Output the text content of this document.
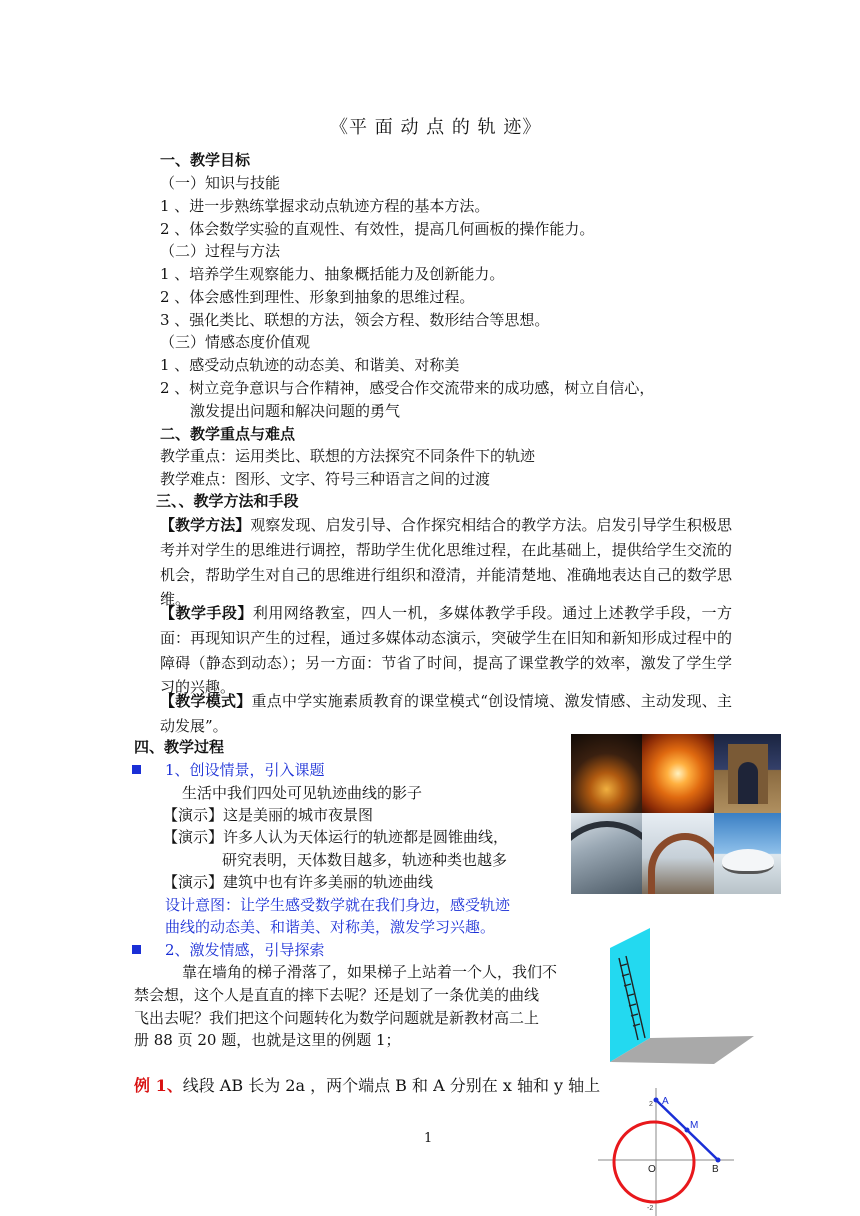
《平 面 动 点 的 轨 迹》
一、教学目标
（一）知识与技能
1 、进一步熟练掌握求动点轨迹方程的基本方法。
2 、体会数学实验的直观性、有效性，提高几何画板的操作能力。
（二）过程与方法
1 、培养学生观察能力、抽象概括能力及创新能力。
2 、体会感性到理性、形象到抽象的思维过程。
3 、强化类比、联想的方法，领会方程、数形结合等思想。
（三）情感态度价值观
1 、感受动点轨迹的动态美、和谐美、对称美
2 、树立竞争意识与合作精神，感受合作交流带来的成功感，树立自信心，
激发提出问题和解决问题的勇气
二、教学重点与难点
教学重点：运用类比、联想的方法探究不同条件下的轨迹
教学难点：图形、文字、符号三种语言之间的过渡
三、、教学方法和手段
【教学方法】观察发现、启发引导、合作探究相结合的教学方法。启发引导学生积极思考并对学生的思维进行调控，帮助学生优化思维过程，在此基础上，提供给学生交流的机会，帮助学生对自己的思维进行组织和澄清，并能清楚地、准确地表达自己的数学思维。
【教学手段】利用网络教室，四人一机，多媒体教学手段。通过上述教学手段，一方面：再现知识产生的过程，通过多媒体动态演示，突破学生在旧知和新知形成过程中的障碍（静态到动态）；另一方面：节省了时间，提高了课堂教学的效率，激发了学生学习的兴趣。
【教学模式】重点中学实施素质教育的课堂模式“创设情境、激发情感、主动发现、主动发展”。
四、教学过程
1、创设情景，引入课题
生活中我们四处可见轨迹曲线的影子
【演示】这是美丽的城市夜景图
【演示】许多人认为天体运行的轨迹都是圆锥曲线，
研究表明，天体数目越多，轨迹种类也越多
【演示】建筑中也有许多美丽的轨迹曲线
设计意图：让学生感受数学就在我们身边，感受轨迹
曲线的动态美、和谐美、对称美，激发学习兴趣。
2、激发情感，引导探索
靠在墙角的梯子滑落了，如果梯子上站着一个人，我们不
禁会想，这个人是直直的摔下去呢？还是划了一条优美的曲线
飞出去呢？我们把这个问题转化为数学问题就是新教材高二上
册 88 页 20 题，也就是这里的例题 1；
例 1、线段 AB 长为 2a ，两个端点 B 和 A 分别在 x 轴和 y 轴上
A
M
B
O
2
-2
1
